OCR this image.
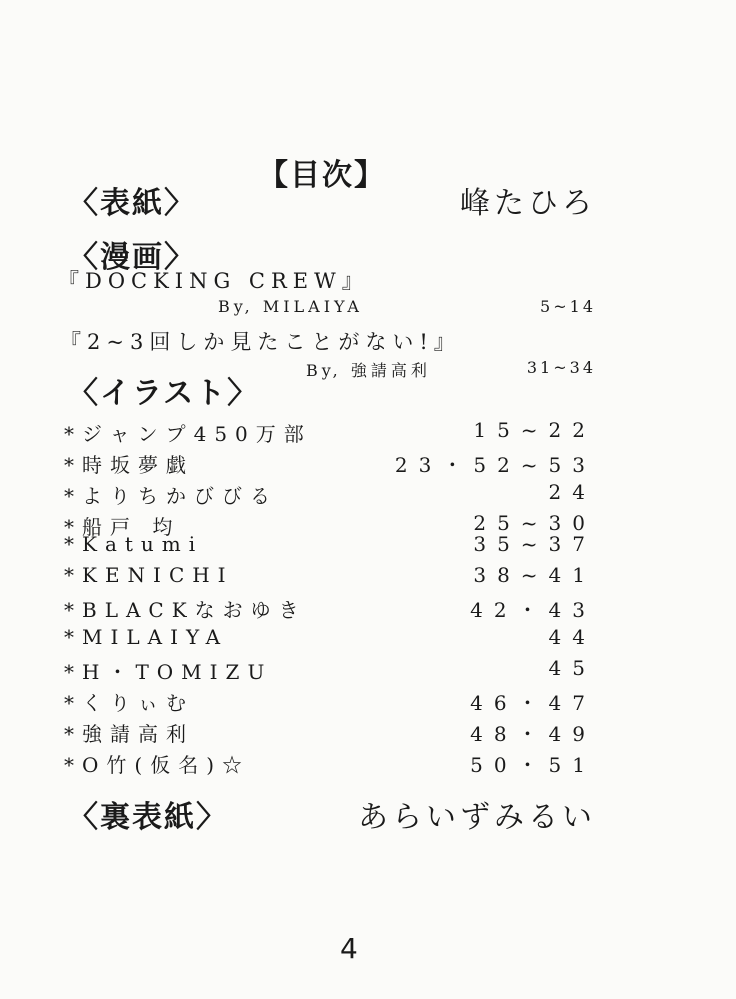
【目次】
〈表紙〉	峰たひろ
〈漫画〉
『DOCKING CREW』
By, MILAIYA	5~14
『2~3回しか見たことがない!』
By, 強請高利	31~34
〈イラスト〉
*ジャンプ450万部	15~22
*時坂夢戯	23・52~53
*よりちかびびる	24
*船戸 均	25~30
*Katumi	35~37
*KENICHI	38~41
*BLACKなおゆき	42・43
*MILAIYA	44
*H・TOMIZU	45
*くりぃむ	46・47
*強請高利	48・49
*O竹(仮名)☆	50・51
〈裏表紙〉	あらいずみるい
4
